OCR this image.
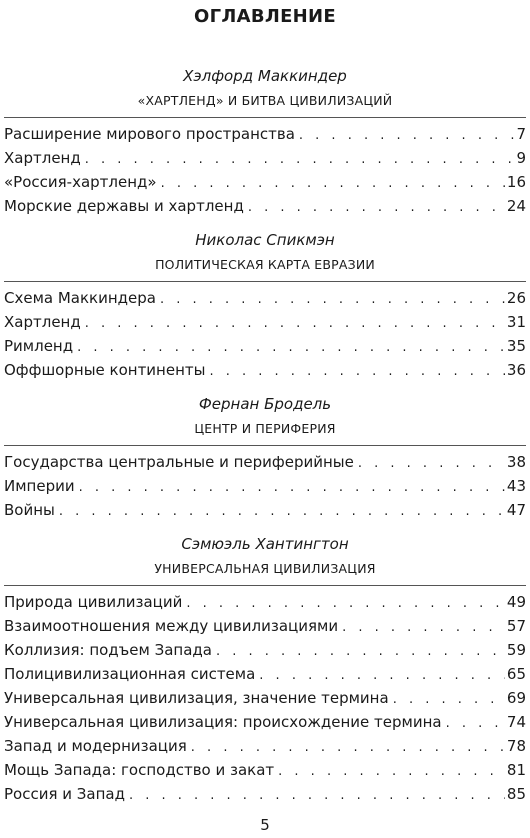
ОГЛАВЛЕНИЕ
Хэлфорд Маккиндер
«ХАРТЛЕНД» И БИТВА ЦИВИЛИЗАЦИЙ
Расширение мирового пространства . . .	7
Хартленд . . .	9
«Россия-хартленд» . . .	16
Морские державы и хартленд . . .	24
Николас Спикмэн
ПОЛИТИЧЕСКАЯ КАРТА ЕВРАЗИИ
Схема Маккиндера . . .	26
Хартленд . . .	31
Римленд . . .	35
Оффшорные континенты . . .	36
Фернан Бродель
ЦЕНТР И ПЕРИФЕРИЯ
Государства центральные и периферийные . . .	38
Империи . . .	43
Войны . . .	47
Сэмюэль Хантингтон
УНИВЕРСАЛЬНАЯ ЦИВИЛИЗАЦИЯ
Природа цивилизаций . . .	49
Взаимоотношения между цивилизациями . . .	57
Коллизия: подъем Запада . . .	59
Полицивилизационная система . . .	65
Универсальная цивилизация, значение термина . . .	69
Универсальная цивилизация: происхождение термина . . .	74
Запад и модернизация . . .	78
Мощь Запада: господство и закат . . .	81
Россия и Запад . . .	85
5
